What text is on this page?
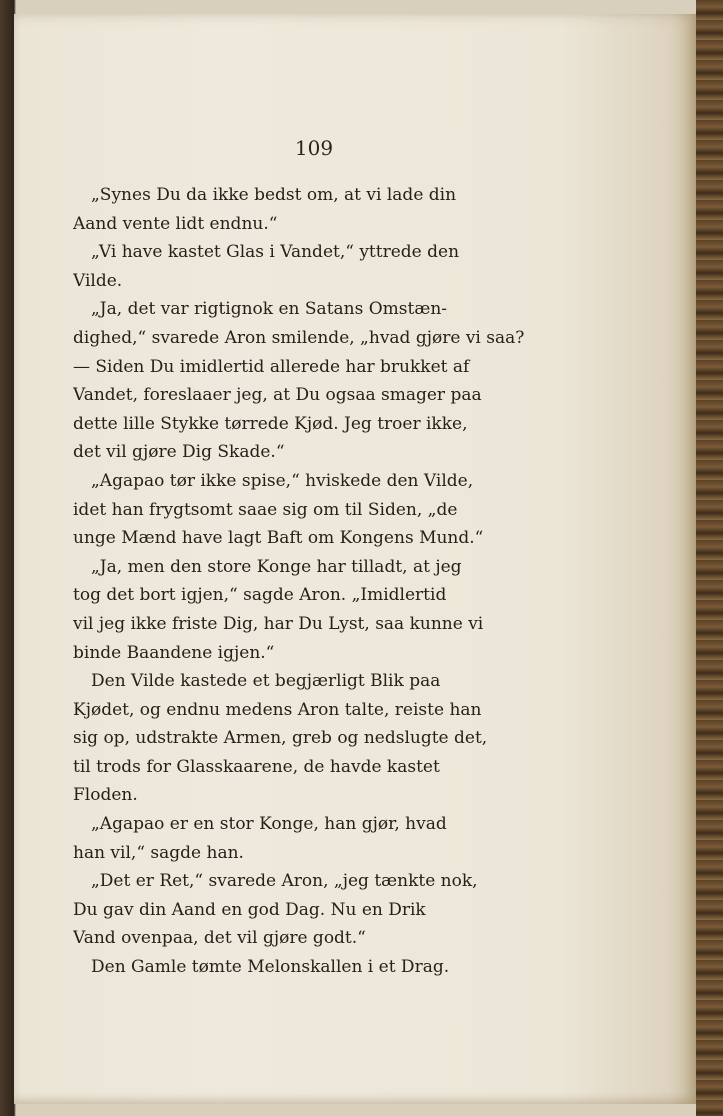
109
„Synes Du da ikke bedst om, at vi lade din
Aand vente lidt endnu.“
„Vi have kastet Glas i Vandet,“ yttrede den
Vilde.
„Ja, det var rigtignok en Satans Omstæn-
dighed,“ svarede Aron smilende, „hvad gjøre vi saa?
— Siden Du imidlertid allerede har brukket af
Vandet, foreslaaer jeg, at Du ogsaa smager paa
dette lille Stykke tørrede Kjød. Jeg troer ikke,
det vil gjøre Dig Skade.“
„Agapao tør ikke spise,“ hviskede den Vilde,
idet han frygtsomt saae sig om til Siden, „de
unge Mænd have lagt Baft om Kongens Mund.“
„Ja, men den store Konge har tilladt, at jeg
tog det bort igjen,“ sagde Aron. „Imidlertid
vil jeg ikke friste Dig, har Du Lyst, saa kunne vi
binde Baandene igjen.“
Den Vilde kastede et begjærligt Blik paa
Kjødet, og endnu medens Aron talte, reiste han
sig op, udstrakte Armen, greb og nedslugte det,
til trods for Glasskaarene, de havde kastet
Floden.
„Agapao er en stor Konge, han gjør, hvad
han vil,“ sagde han.
„Det er Ret,“ svarede Aron, „jeg tænkte nok,
Du gav din Aand en god Dag. Nu en Drik
Vand ovenpaa, det vil gjøre godt.“
Den Gamle tømte Melonskallen i et Drag.
